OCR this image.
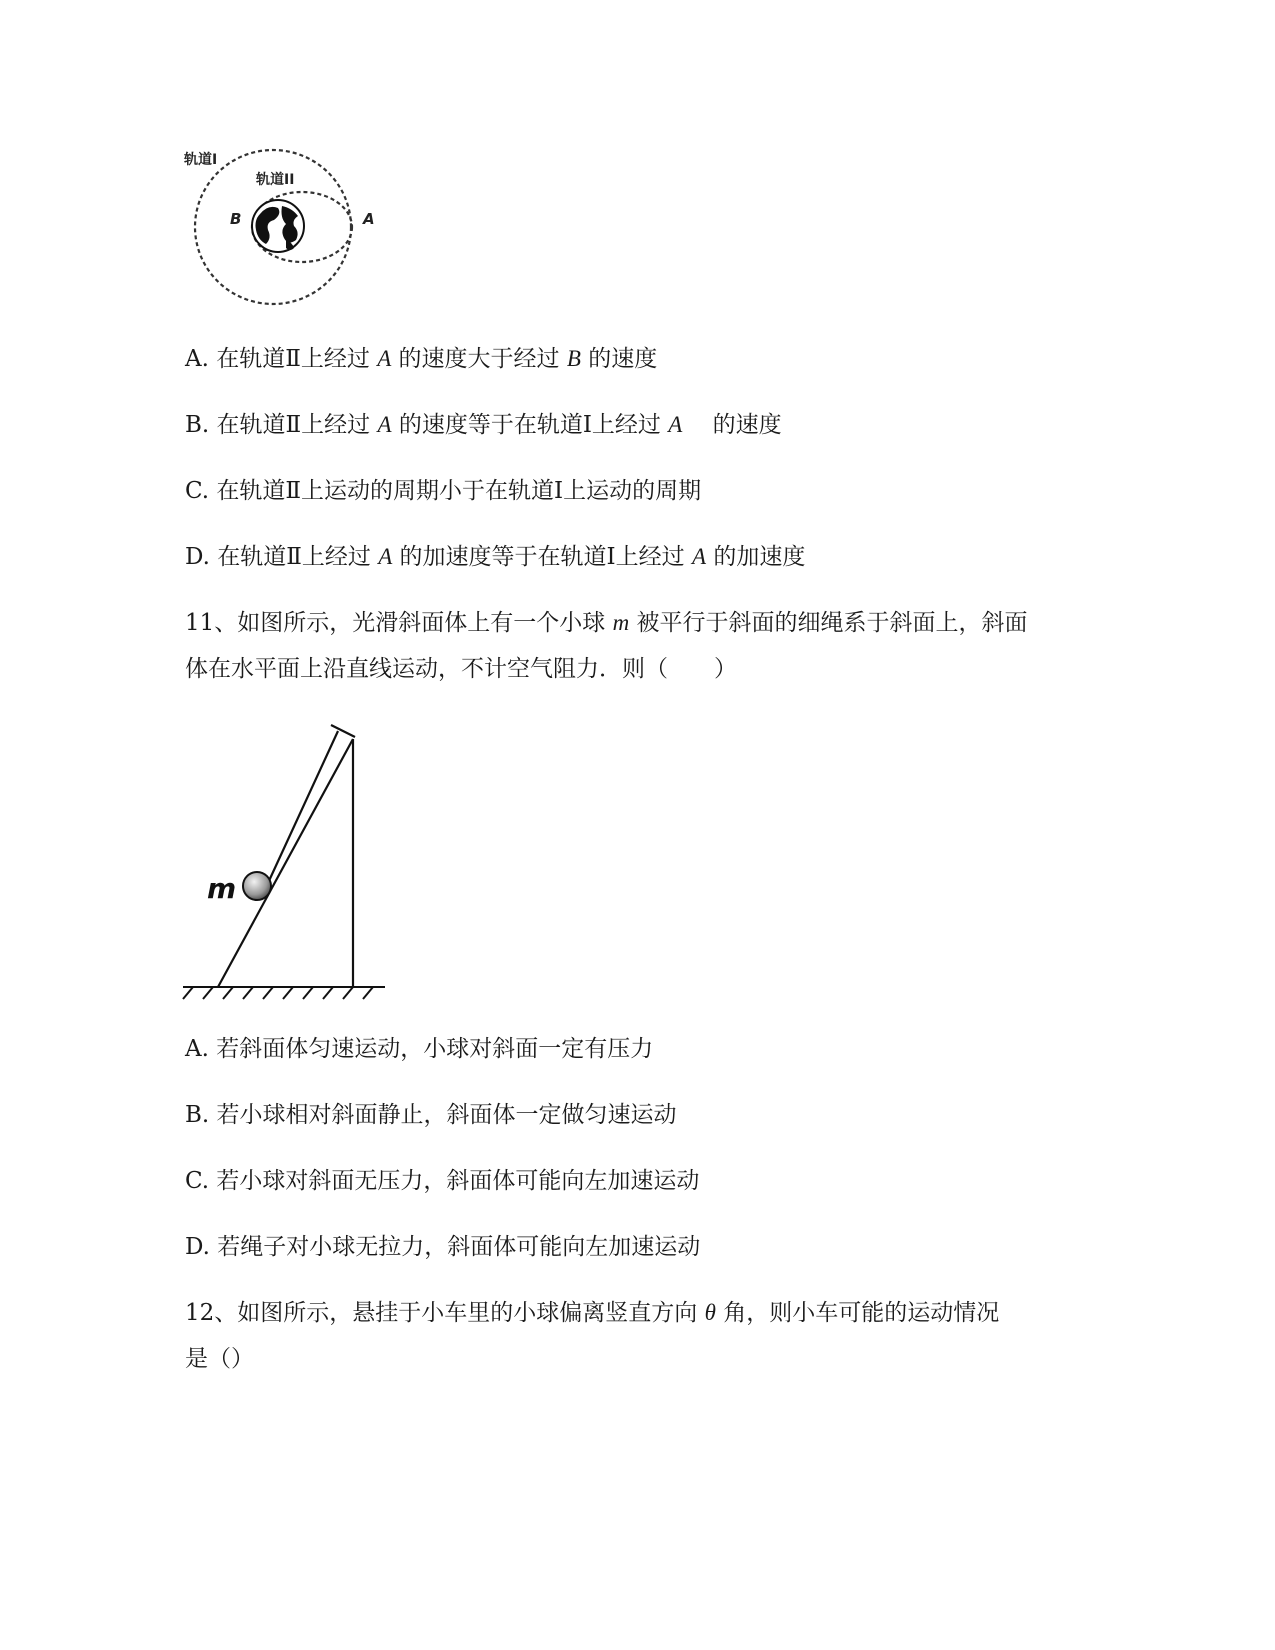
轨道I
轨道II
B	A
A. 在轨道Ⅱ上经过 A 的速度大于经过 B 的速度
B. 在轨道Ⅱ上经过 A 的速度等于在轨道Ⅰ上经过 A　 的速度
C. 在轨道Ⅱ上运动的周期小于在轨道Ⅰ上运动的周期
D. 在轨道Ⅱ上经过 A 的加速度等于在轨道Ⅰ上经过 A 的加速度
11、如图所示，光滑斜面体上有一个小球 m 被平行于斜面的细绳系于斜面上，斜面
体在水平面上沿直线运动，不计空气阻力．则（　　）
m
A. 若斜面体匀速运动，小球对斜面一定有压力
B. 若小球相对斜面静止，斜面体一定做匀速运动
C. 若小球对斜面无压力，斜面体可能向左加速运动
D. 若绳子对小球无拉力，斜面体可能向左加速运动
12、如图所示，悬挂于小车里的小球偏离竖直方向 θ 角，则小车可能的运动情况
是（）
